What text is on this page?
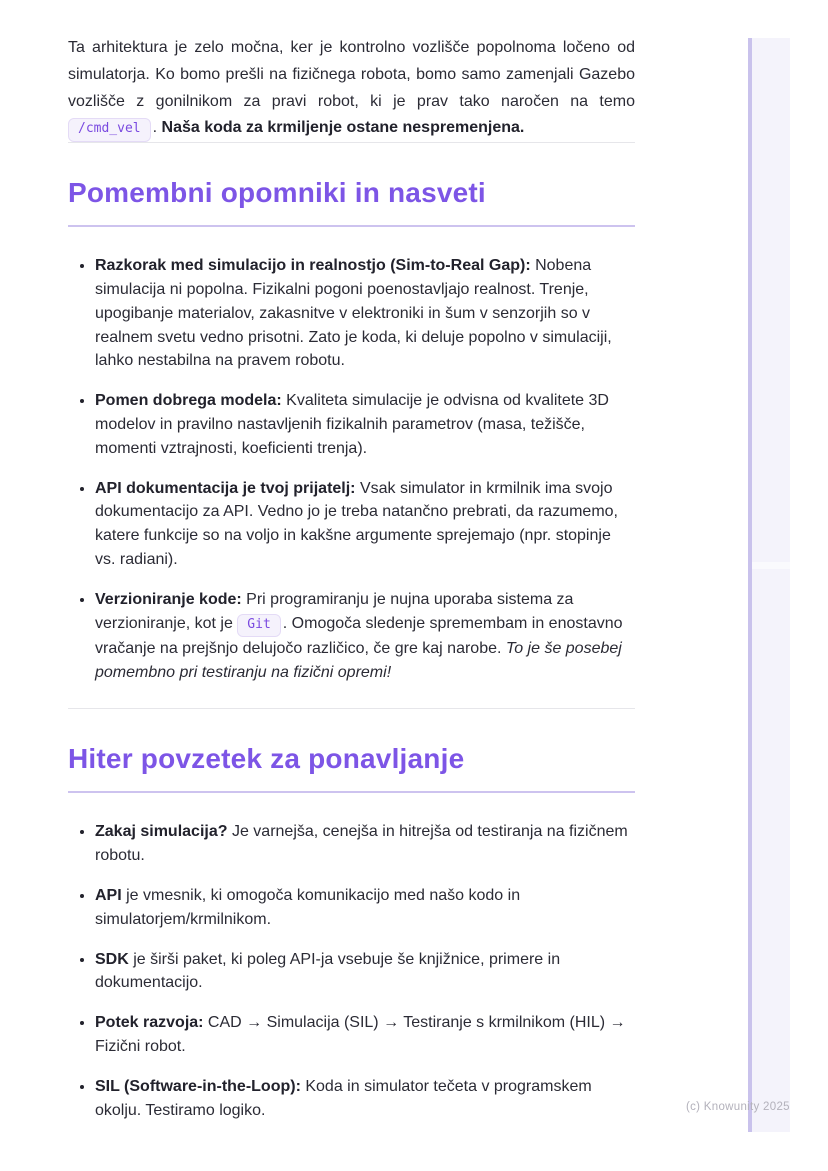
Ta arhitektura je zelo močna, ker je kontrolno vozlišče popolnoma ločeno od simulatorja. Ko bomo prešli na fizičnega robota, bomo samo zamenjali Gazebo vozlišče z gonilnikom za pravi robot, ki je prav tako naročen na temo /cmd_vel . Naša koda za krmiljenje ostane nespremenjena.

Pomembni opomniki in nasveti
• Razkorak med simulacijo in realnostjo (Sim-to-Real Gap): Nobena simulacija ni popolna. Fizikalni pogoni poenostavljajo realnost. Trenje, upogibanje materialov, zakasnitve v elektroniki in šum v senzorjih so v realnem svetu vedno prisotni. Zato je koda, ki deluje popolno v simulaciji, lahko nestabilna na pravem robotu.
• Pomen dobrega modela: Kvaliteta simulacije je odvisna od kvalitete 3D modelov in pravilno nastavljenih fizikalnih parametrov (masa, težišče, momenti vztrajnosti, koeficienti trenja).
• API dokumentacija je tvoj prijatelj: Vsak simulator in krmilnik ima svojo dokumentacijo za API. Vedno jo je treba natančno prebrati, da razumemo, katere funkcije so na voljo in kakšne argumente sprejemajo (npr. stopinje vs. radiani).
• Verzioniranje kode: Pri programiranju je nujna uporaba sistema za verzioniranje, kot je Git . Omogoča sledenje spremembam in enostavno vračanje na prejšnjo delujočo različico, če gre kaj narobe. To je še posebej pomembno pri testiranju na fizični opremi!
Hiter povzetek za ponavljanje
• Zakaj simulacija? Je varnejša, cenejša in hitrejša od testiranja na fizičnem robotu.
• API je vmesnik, ki omogoča komunikacijo med našo kodo in simulatorjem/krmilnikom.
• SDK je širši paket, ki poleg API-ja vsebuje še knjižnice, primere in dokumentacijo.
• Potek razvoja: CAD → Simulacija (SIL) → Testiranje s krmilnikom (HIL) → Fizični robot.
• SIL (Software-in-the-Loop): Koda in simulator tečeta v programskem okolju. Testiramo logiko.	(c) Knowunity 2025
